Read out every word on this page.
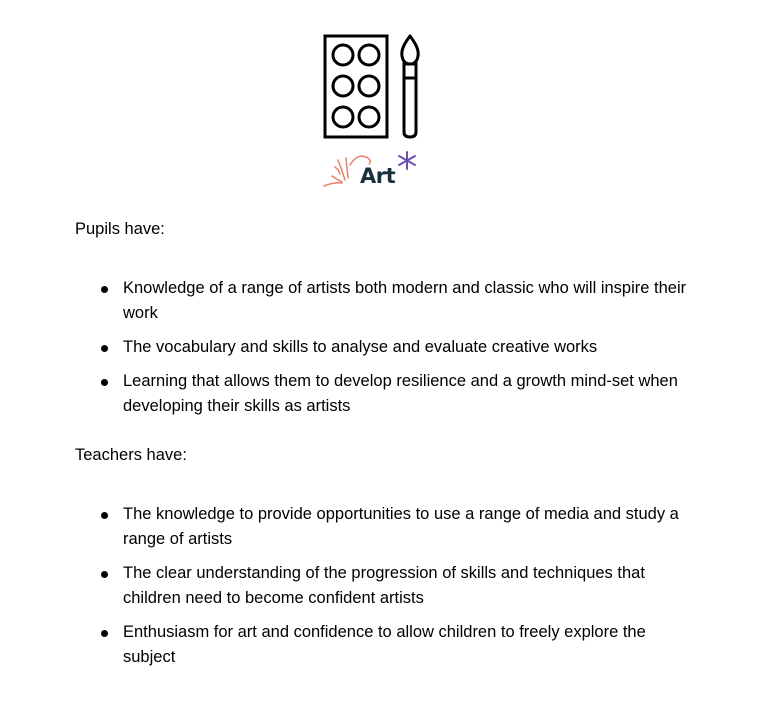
Art

Pupils have:

Knowledge of a range of artists both modern and classic who will inspire their work
The vocabulary and skills to analyse and evaluate creative works
Learning that allows them to develop resilience and a growth mind-set when developing their skills as artists

Teachers have:

The knowledge to provide opportunities to use a range of media and study a range of artists
The clear understanding of the progression of skills and techniques that children need to become confident artists
Enthusiasm for art and confidence to allow children to freely explore the subject
